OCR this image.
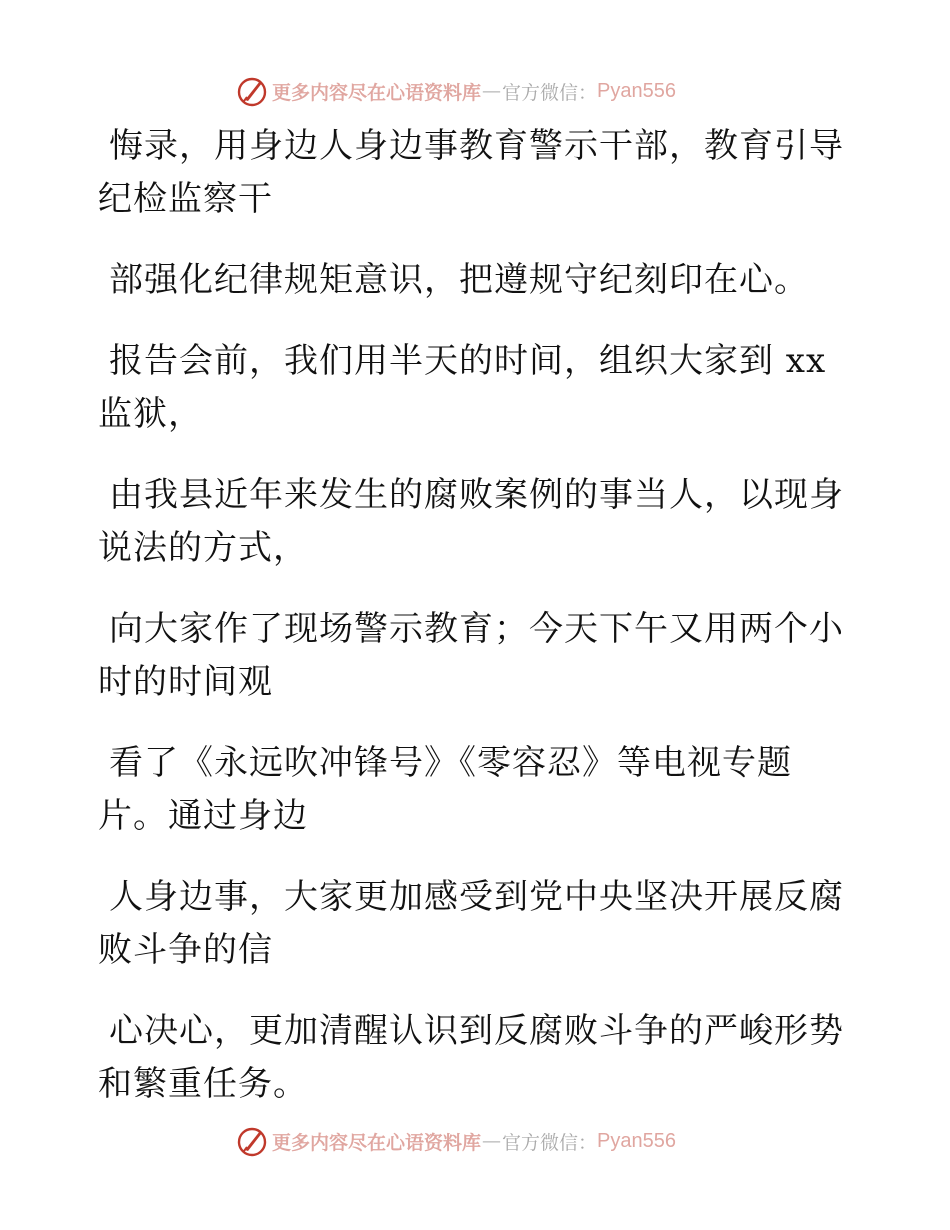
更多内容尽在心语资料库 — 官方微信： Pyan556
悔录，用身边人身边事教育警示干部，教育引导
纪检监察干
部强化纪律规矩意识，把遵规守纪刻印在心。
报告会前，我们用半天的时间，组织大家到 xx
监狱，
由我县近年来发生的腐败案例的事当人，以现身
说法的方式，
向大家作了现场警示教育；今天下午又用两个小
时的时间观
看了《永远吹冲锋号》《零容忍》等电视专题
片。通过身边
人身边事，大家更加感受到党中央坚决开展反腐
败斗争的信
心决心，更加清醒认识到反腐败斗争的严峻形势
和繁重任务。
更多内容尽在心语资料库 — 官方微信： Pyan556
